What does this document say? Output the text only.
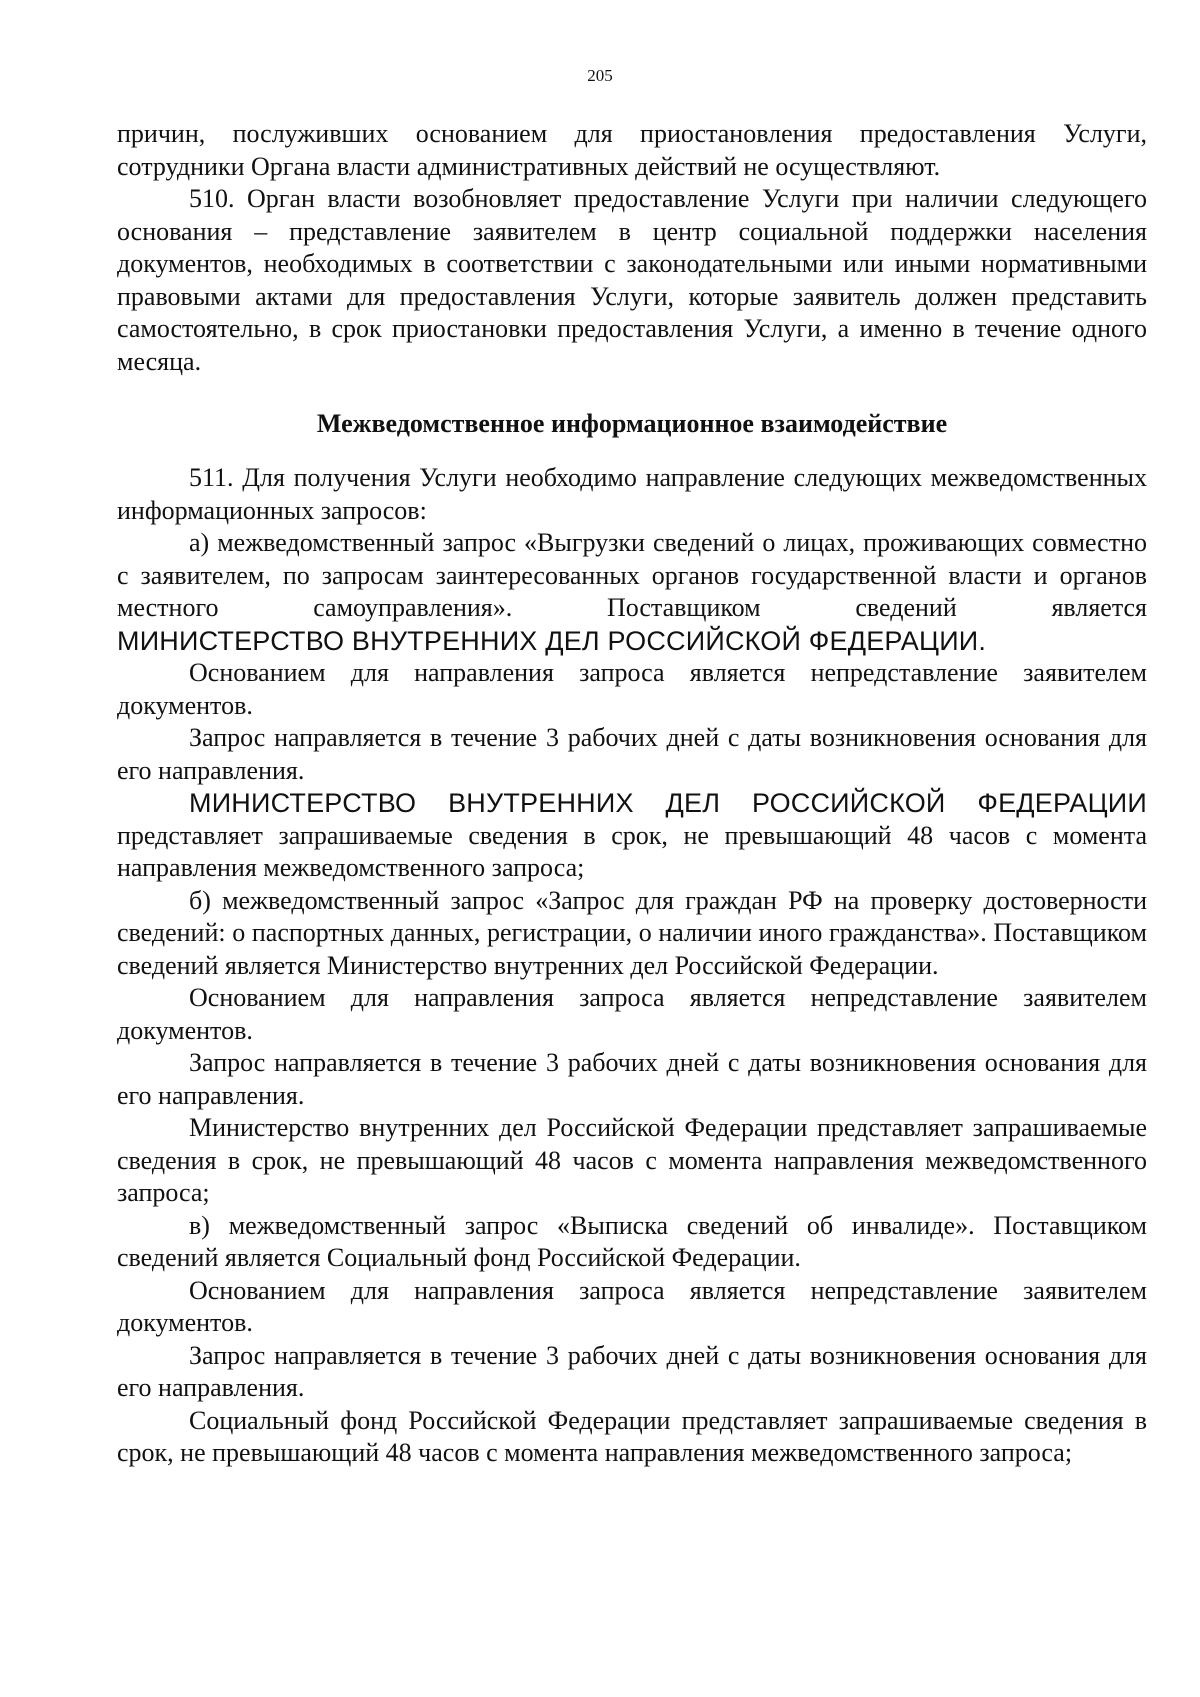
205

причин, послуживших основанием для приостановления предоставления Услуги, сотрудники Органа власти административных действий не осуществляют.

510. Орган власти возобновляет предоставление Услуги при наличии следующего основания – представление заявителем в центр социальной поддержки населения документов, необходимых в соответствии с законодательными или иными нормативными правовыми актами для предоставления Услуги, которые заявитель должен представить самостоятельно, в срок приостановки предоставления Услуги, а именно в течение одного месяца.

Межведомственное информационное взаимодействие

511. Для получения Услуги необходимо направление следующих межведомственных информационных запросов:

а) межведомственный запрос «Выгрузки сведений о лицах, проживающих совместно с заявителем, по запросам заинтересованных органов государственной власти и органов местного самоуправления». Поставщиком сведений является

МИНИСТЕРСТВО ВНУТРЕННИХ ДЕЛ РОССИЙСКОЙ ФЕДЕРАЦИИ.

Основанием для направления запроса является непредставление заявителем документов.

Запрос направляется в течение 3 рабочих дней с даты возникновения основания для его направления.

МИНИСТЕРСТВО ВНУТРЕННИХ ДЕЛ РОССИЙСКОЙ ФЕДЕРАЦИИ

представляет запрашиваемые сведения в срок, не превышающий 48 часов с момента направления межведомственного запроса;

б) межведомственный запрос «Запрос для граждан РФ на проверку достоверности сведений: о паспортных данных, регистрации, о наличии иного гражданства». Поставщиком сведений является Министерство внутренних дел Российской Федерации.

Основанием для направления запроса является непредставление заявителем документов.

Запрос направляется в течение 3 рабочих дней с даты возникновения основания для его направления.

Министерство внутренних дел Российской Федерации представляет запрашиваемые сведения в срок, не превышающий 48 часов с момента направления межведомственного запроса;

в) межведомственный запрос «Выписка сведений об инвалиде». Поставщиком сведений является Социальный фонд Российской Федерации.

Основанием для направления запроса является непредставление заявителем документов.

Запрос направляется в течение 3 рабочих дней с даты возникновения основания для его направления.

Социальный фонд Российской Федерации представляет запрашиваемые сведения в срок, не превышающий 48 часов с момента направления межведомственного запроса;
